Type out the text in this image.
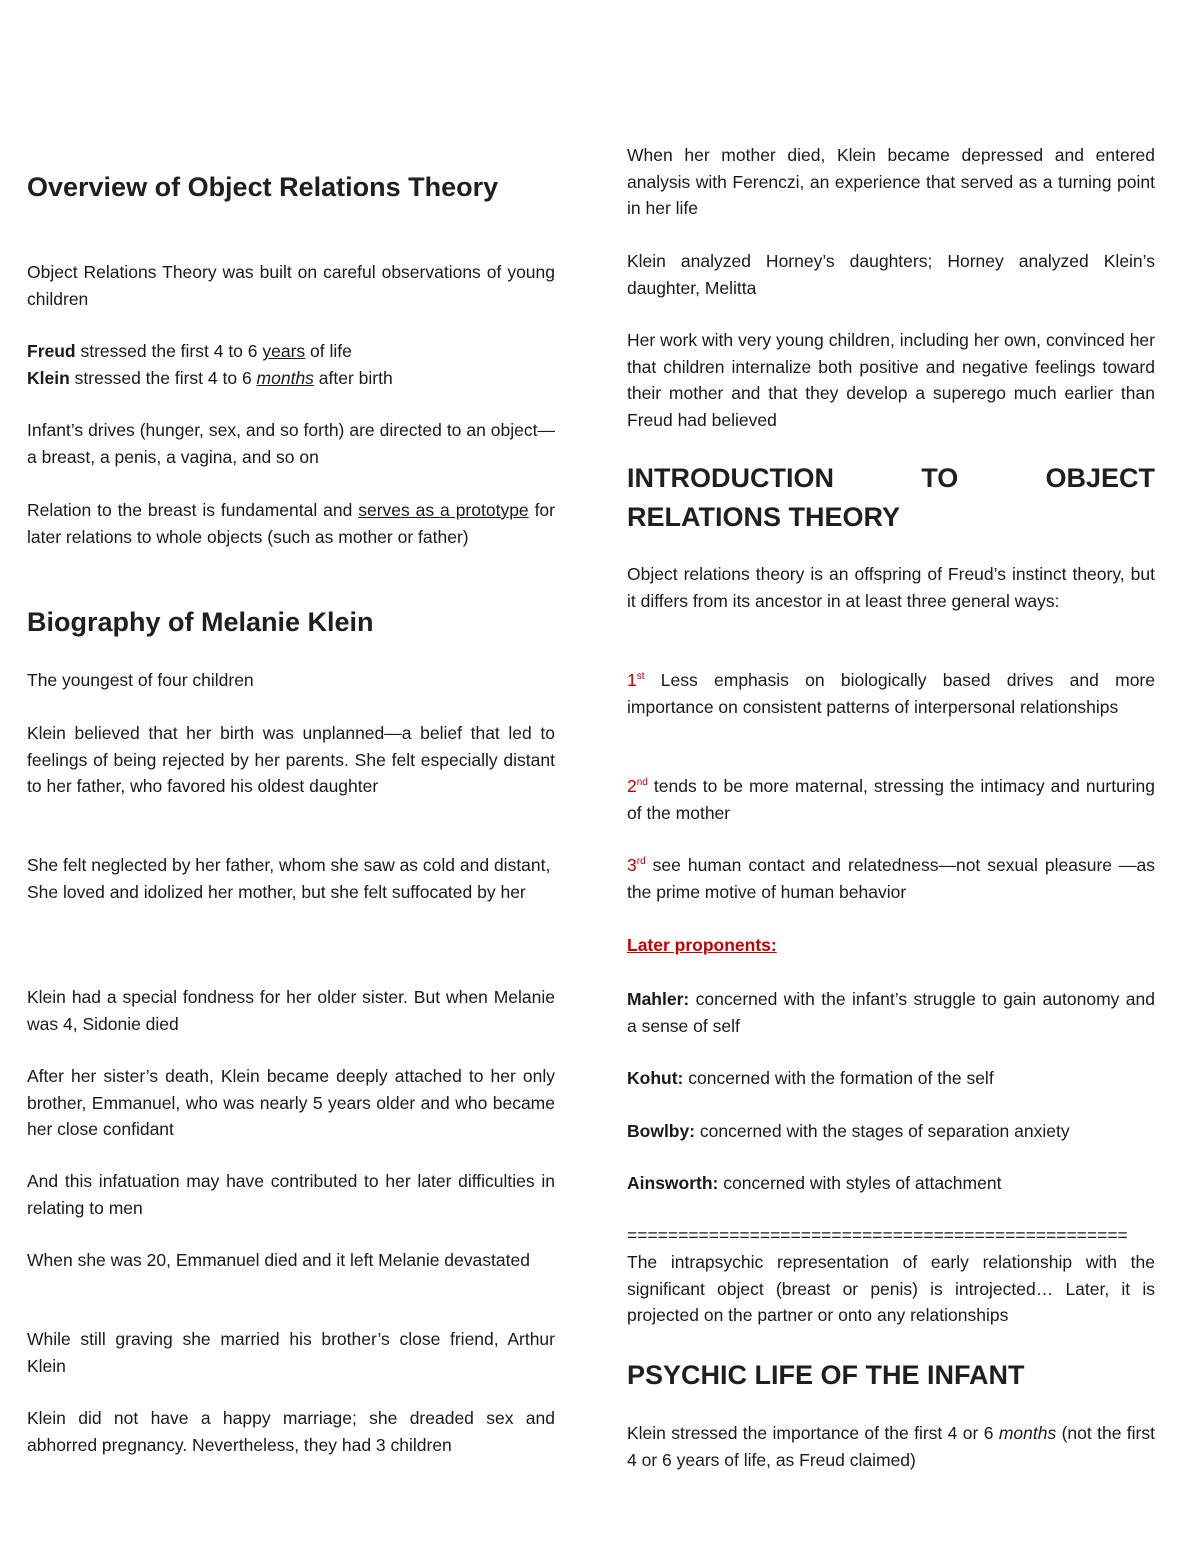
Overview of Object Relations Theory

Object Relations Theory was built on careful observations of young children

Freud stressed the first 4 to 6 years of life
Klein stressed the first 4 to 6 months after birth

Infant’s drives (hunger, sex, and so forth) are directed to an object—a breast, a penis, a vagina, and so on

Relation to the breast is fundamental and serves as a prototype for later relations to whole objects (such as mother or father)

Biography of Melanie Klein

The youngest of four children

Klein believed that her birth was unplanned—a belief that led to feelings of being rejected by her parents. She felt especially distant to her father, who favored his oldest daughter

She felt neglected by her father, whom she saw as cold and distant,
She loved and idolized her mother, but she felt suffocated by her

Klein had a special fondness for her older sister. But when Melanie was 4, Sidonie died

After her sister’s death, Klein became deeply attached to her only brother, Emmanuel, who was nearly 5 years older and who became her close confidant

And this infatuation may have contributed to her later difficulties in relating to men

When she was 20, Emmanuel died and it left Melanie devastated

While still graving she married his brother’s close friend, Arthur Klein

Klein did not have a happy marriage; she dreaded sex and abhorred pregnancy. Nevertheless, they had 3 children

When her mother died, Klein became depressed and entered analysis with Ferenczi, an experience that served as a turning point in her life

Klein analyzed Horney’s daughters; Horney analyzed Klein’s daughter, Melitta

Her work with very young children, including her own, convinced her that children internalize both positive and negative feelings toward their mother and that they develop a superego much earlier than Freud had believed

INTRODUCTION TO OBJECT RELATIONS THEORY

Object relations theory is an offspring of Freud’s instinct theory, but it differs from its ancestor in at least three general ways:

1st Less emphasis on biologically based drives and more importance on consistent patterns of interpersonal relationships

2nd tends to be more maternal, stressing the intimacy and nurturing of the mother

3rd see human contact and relatedness—not sexual pleasure —as the prime motive of human behavior

Later proponents:

Mahler: concerned with the infant’s struggle to gain autonomy and a sense of self

Kohut: concerned with the formation of the self

Bowlby: concerned with the stages of separation anxiety

Ainsworth: concerned with styles of attachment

=================================================

The intrapsychic representation of early relationship with the significant object (breast or penis) is introjected… Later, it is projected on the partner or onto any relationships

PSYCHIC LIFE OF THE INFANT

Klein stressed the importance of the first 4 or 6 months (not the first 4 or 6 years of life, as Freud claimed)
